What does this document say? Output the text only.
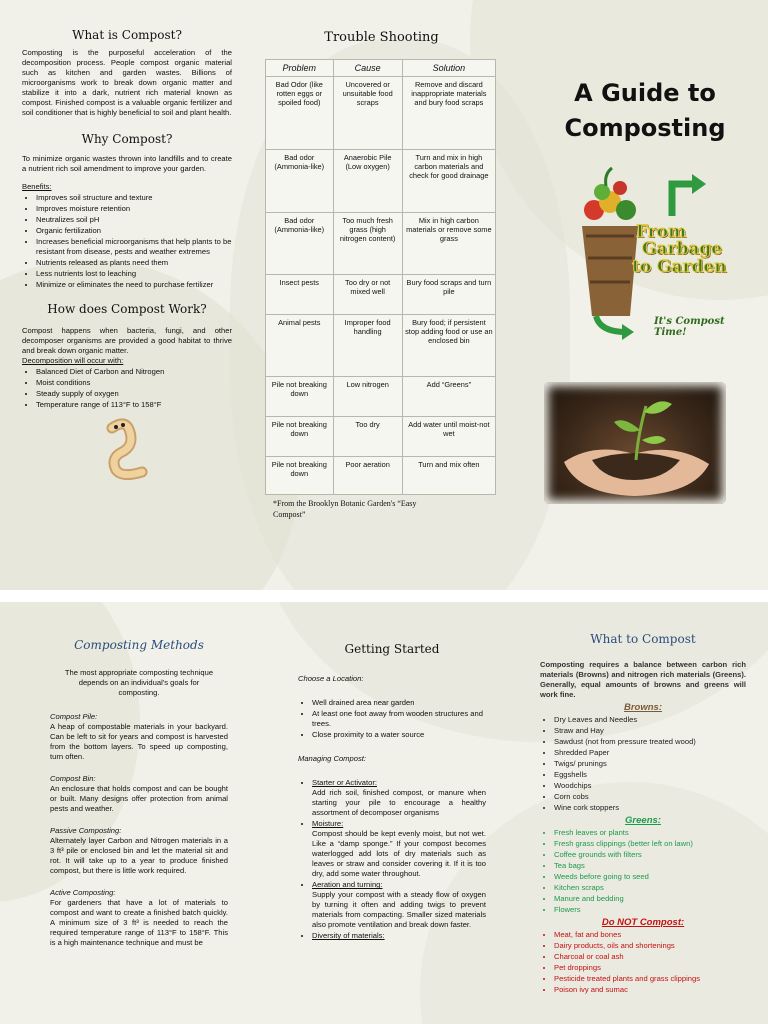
What is Compost?

Composting is the purposeful acceleration of the decomposition process. People compost organic material such as kitchen and garden wastes. Billions of microorganisms work to break down organic matter and stabilize it into a dark, nutrient rich material known as compost. Finished compost is a valuable organic fertilizer and soil conditioner that is highly beneficial to soil and plant health.

Why Compost?

To minimize organic wastes thrown into landfills and to create a nutrient rich soil amendment to improve your garden.

Benefits:

• Improves soil structure and texture
• Improves moisture retention
• Neutralizes soil pH
• Organic fertilization
• Increases beneficial microorganisms that help plants to be resistant from disease, pests and weather extremes
• Nutrients released as plants need them
• Less nutrients lost to leaching
• Minimize or eliminates the need to purchase fertilizer
How does Compost Work?

Compost happens when bacteria, fungi, and other decomposer organisms are provided a good habitat to thrive and break down organic matter.

Decomposition will occur with:

• Balanced Diet of Carbon and Nitrogen
• Moist conditions
• Steady supply of oxygen
• Temperature range of 113°F to 158°F
Trouble Shooting
Problem	Cause	Solution
Bad Odor (like rotten eggs or spoiled food)	Uncovered or unsuitable food scraps	Remove and discard inappropriate materials and bury food scraps
Bad odor (Ammonia-like)	Anaerobic Pile (Low oxygen)	Turn and mix in high carbon materials and check for good drainage
Bad odor (Ammonia-like)	Too much fresh grass (high nitrogen content)	Mix in high carbon materials or remove some grass
Insect pests	Too dry or not mixed well	Bury food scraps and turn pile
Animal pests	Improper food handling	Bury food; if persistent stop adding food or use an enclosed bin
Pile not breaking down	Low nitrogen	Add “Greens”
Pile not breaking down	Too dry	Add water until moist-not wet
Pile not breaking down	Poor aeration	Turn and mix often

*From the Brooklyn Botanic Garden's “Easy Compost”

A Guide to
Composting
From
Garbage
to Garden
It's Compost Time!
Composting Methods

The most appropriate composting technique depends on an individual's goals for composting.

Compost Pile:

A heap of compostable materials in your backyard. Can be left to sit for years and compost is harvested from the bottom layers. To speed up composting, turn often.

Compost Bin:

An enclosure that holds compost and can be bought or built. Many designs offer protection from animal pests and weather.

Passive Composting:

Alternately layer Carbon and Nitrogen materials in a 3 ft³ pile or enclosed bin and let the material sit and rot. It will take up to a year to produce finished compost, but there is little work required.

Active Composting:

For gardeners that have a lot of materials to compost and want to create a finished batch quickly. A minimum size of 3 ft³ is needed to reach the required temperature range of 113°F to 158°F. This is a high maintenance technique and must be

Getting Started

Choose a Location:

• Well drained area near garden
• At least one foot away from wooden structures and trees.
• Close proximity to a water source

Managing Compost:

• Starter or Activator:

Add rich soil, finished compost, or manure when starting your pile to encourage a healthy assortment of decomposer organisms

• Moisture:

Compost should be kept evenly moist, but not wet. Like a “damp sponge.” If your compost becomes waterlogged add lots of dry materials such as leaves or straw and consider covering it. If it is too dry, add some water throughout.

• Aeration and turning:

Supply your compost with a steady flow of oxygen by turning it often and adding twigs to prevent materials from compacting. Smaller sized materials also promote ventilation and break down faster.

• Diversity of materials:
What to Compost

Composting requires a balance between carbon rich materials (Browns) and nitrogen rich materials (Greens). Generally, equal amounts of browns and greens will work fine.

Browns:
• Dry Leaves and Needles
• Straw and Hay
• Sawdust (not from pressure treated wood)
• Shredded Paper
• Twigs/ prunings
• Eggshells
• Woodchips
• Corn cobs
• Wine cork stoppers
Greens:
• Fresh leaves or plants
• Fresh grass clippings (better left on lawn)
• Coffee grounds with filters
• Tea bags
• Weeds before going to seed
• Kitchen scraps
• Manure and bedding
• Flowers
Do NOT Compost:
• Meat, fat and bones
• Dairy products, oils and shortenings
• Charcoal or coal ash
• Pet droppings
• Pesticide treated plants and grass clippings
• Poison ivy and sumac
